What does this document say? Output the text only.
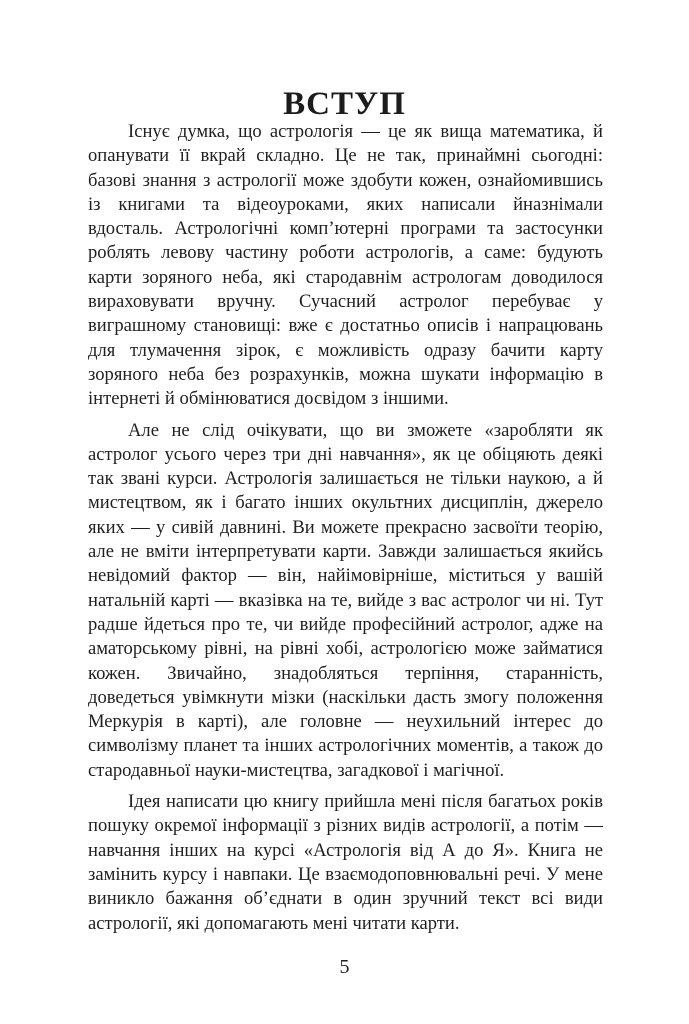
ВСТУП

Існує думка, що астрологія — це як вища математика, й опанувати її вкрай складно. Це не так, принаймні сьогодні: базові знання з астрології може здобути кожен, ознайомившись із книгами та відеоуроками, яких написали йназнімали вдосталь. Астрологічні комп’ютерні програми та застосунки роблять левову частину роботи астрологів, а саме: будують карти зоряного неба, які стародавнім астрологам доводилося вираховувати вручну. Сучасний астролог перебуває у виграшному становищі: вже є достатньо описів і напрацювань для тлумачення зірок, є можливість одразу бачити карту зоряного неба без розрахунків, можна шукати інформацію в інтернеті й обмінюватися досвідом з іншими.

Але не слід очікувати, що ви зможете «заробляти як астролог усього через три дні навчання», як це обіцяють деякі так звані курси. Астрологія залишається не тільки наукою, а й мистецтвом, як і багато інших окультних дисциплін, джерело яких — у сивій давнині. Ви можете прекрасно засвоїти теорію, але не вміти інтерпретувати карти. Завжди залишається якийсь невідомий фактор — він, найімовірніше, міститься у вашій натальній карті — вказівка на те, вийде з вас астролог чи ні. Тут радше йдеться про те, чи вийде професійний астролог, адже на аматорському рівні, на рівні хобі, астрологією може займатися кожен. Звичайно, знадобляться терпіння, старанність, доведеться увімкнути мізки (наскільки дасть змогу положення Меркурія в карті), але головне — неухильний інтерес до символізму планет та інших астрологічних моментів, а також до стародавньої науки-мистецтва, загадкової і магічної.

Ідея написати цю книгу прийшла мені після багатьох років пошуку окремої інформації з різних видів астрології, а потім — навчання інших на курсі «Астрологія від А до Я». Книга не замінить курсу і навпаки. Це взаємодоповнювальні речі. У мене виникло бажання об’єднати в один зручний текст всі види астрології, які допомагають мені читати карти.

5
